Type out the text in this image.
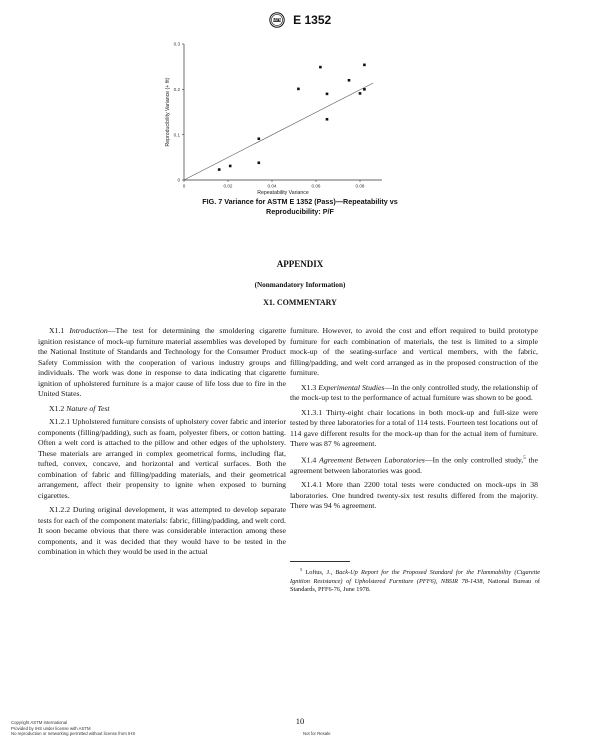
ASTM E 1352
0
0.1
0.2
0.3
0	0.02	0.04	0.06	0.08
Repeatability Variance
Reproducibility Variance (+ fit)
FIG. 7 Variance for ASTM E 1352 (Pass)—Repeatability vs
Reproducibility: P/F
APPENDIX
(Nonmandatory Information)
X1. COMMENTARY

X1.1 Introduction—The test for determining the smoldering cigarette ignition resistance of mock-up furniture material assemblies was developed by the National Institute of Standards and Technology for the Consumer Product Safety Commission with the cooperation of various industry groups and individuals. The work was done in response to data indicating that cigarette ignition of upholstered furniture is a major cause of life loss due to fire in the United States.

X1.2 Nature of Test

X1.2.1 Upholstered furniture consists of upholstery cover fabric and interior components (filling/padding), such as foam, polyester fibers, or cotton batting. Often a welt cord is attached to the pillow and other edges of the upholstery. These materials are arranged in complex geometrical forms, including flat, tufted, convex, concave, and horizontal and vertical surfaces. Both the combination of fabric and filling/padding materials, and their geometrical arrangement, affect their propensity to ignite when exposed to burning cigarettes.

X1.2.2 During original development, it was attempted to develop separate tests for each of the component materials: fabric, filling/padding, and welt cord. It soon became obvious that there was considerable interaction among these components, and it was decided that they would have to be tested in the combination in which they would be used in the actual

furniture. However, to avoid the cost and effort required to build prototype furniture for each combination of materials, the test is limited to a simple mock-up of the seating-surface and vertical members, with the fabric, filling/padding, and welt cord arranged as in the proposed construction of the furniture.

X1.3 Experimental Studies—In the only controlled study, the relationship of the mock-up test to the performance of actual furniture was shown to be good.

X1.3.1 Thirty-eight chair locations in both mock-up and full-size were tested by three laboratories for a total of 114 tests. Fourteen test locations out of 114 gave different results for the mock-up than for the actual item of furniture. There was 87 % agreement.

X1.4 Agreement Between Laboratories—In the only controlled study,$^5$ the agreement between laboratories was good.

X1.4.1 More than 2200 total tests were conducted on mock-ups in 38 laboratories. One hundred twenty-six test results differed from the majority. There was 94 % agreement.

$^5$ Loftus, J., Back-Up Report for the Proposed Standard for the Flammability (Cigarette Ignition Resistance) of Upholstered Furniture (PFF6), NBSIR 78-1438, National Bureau of Standards, PFF6-76, June 1978.
10
Copyright ASTM International
Provided by IHS under license with ASTM
No reproduction or networking permitted without license from IHS	Not for Resale
